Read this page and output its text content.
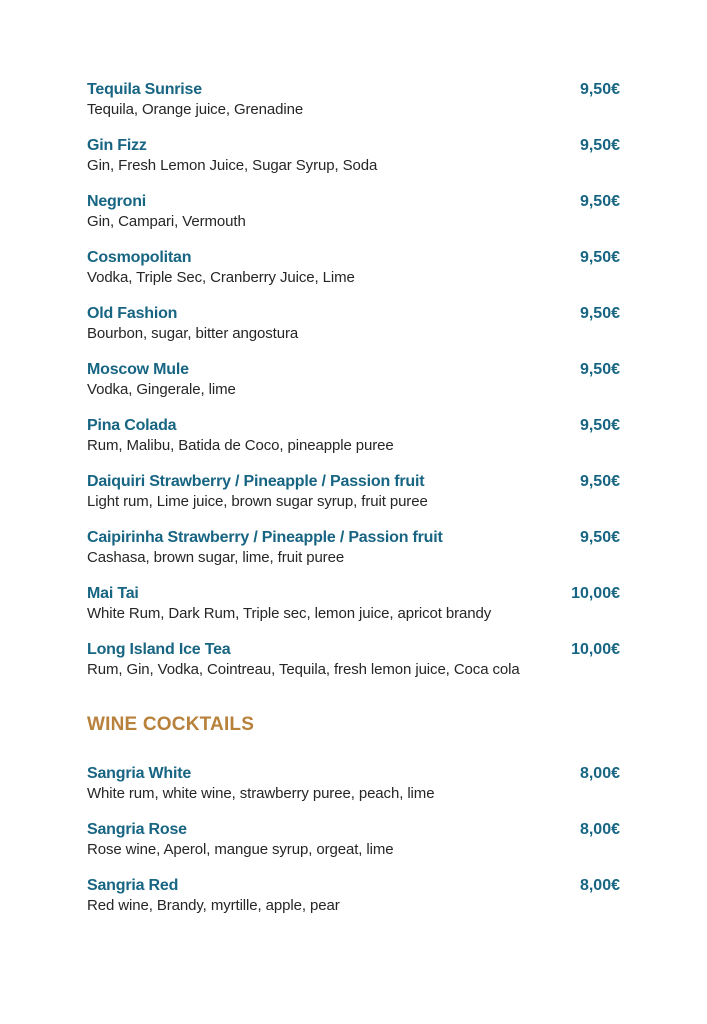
Tequila Sunrise	9,50€
Tequila, Orange juice, Grenadine
Gin Fizz	9,50€
Gin, Fresh Lemon Juice, Sugar Syrup, Soda
Negroni	9,50€
Gin, Campari, Vermouth
Cosmopolitan	9,50€
Vodka, Triple Sec, Cranberry Juice, Lime
Old Fashion	9,50€
Bourbon, sugar, bitter angostura
Moscow Mule	9,50€
Vodka, Gingerale, lime
Pina Colada	9,50€
Rum, Malibu, Batida de Coco, pineapple puree
Daiquiri Strawberry / Pineapple / Passion fruit	9,50€
Light rum, Lime juice, brown sugar syrup, fruit puree
Caipirinha Strawberry / Pineapple / Passion fruit	9,50€
Cashasa, brown sugar, lime, fruit puree
Mai Tai	10,00€
White Rum, Dark Rum, Triple sec, lemon juice, apricot brandy
Long Island Ice Tea	10,00€
Rum, Gin, Vodka, Cointreau, Tequila, fresh lemon juice, Coca cola
WINE COCKTAILS
Sangria White	8,00€
White rum, white wine, strawberry puree, peach, lime
Sangria Rose	8,00€
Rose wine, Aperol, mangue syrup, orgeat, lime
Sangria Red	8,00€
Red wine, Brandy, myrtille, apple, pear
